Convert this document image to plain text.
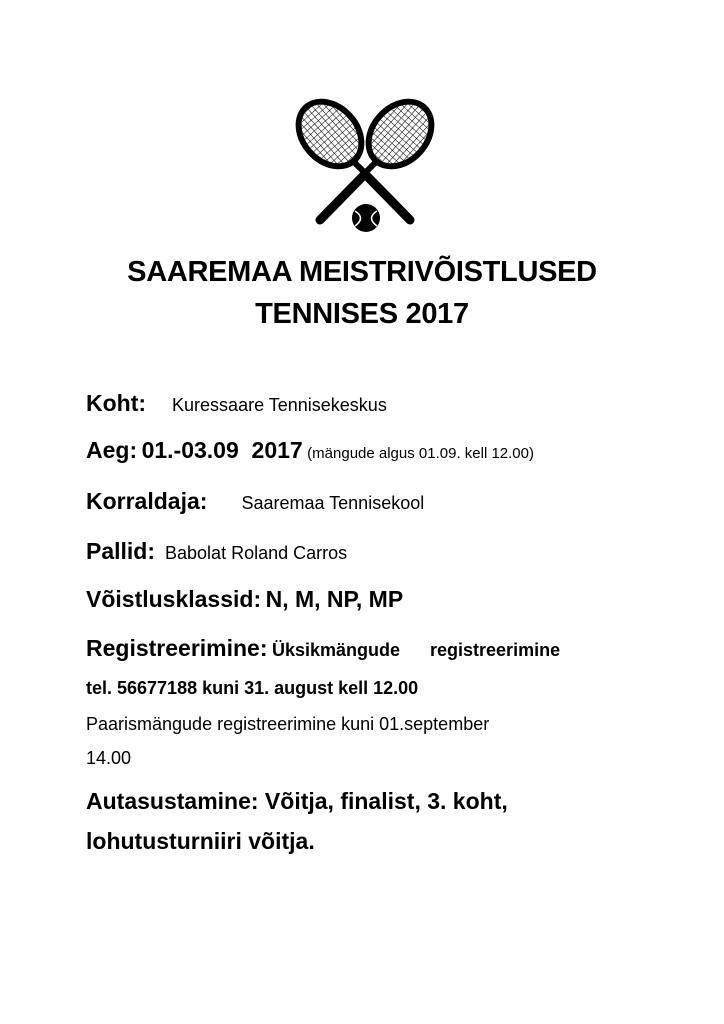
SAAREMAA MEISTRIVÕISTLUSED
TENNISES 2017
Koht: Kuressaare Tennisekeskus
Aeg: 01.-03.09  2017 (mängude algus 01.09. kell 12.00)
Korraldaja: Saaremaa Tennisekool
Pallid: Babolat Roland Carros
Võistlusklassid: N, M, NP, MP
Registreerimine: Üksikmängude registreerimine
tel. 56677188 kuni 31. august kell 12.00
Paarismängude registreerimine kuni 01.september
14.00
Autasustamine: Võitja, finalist, 3. koht,
lohutusturniiri võitja.
